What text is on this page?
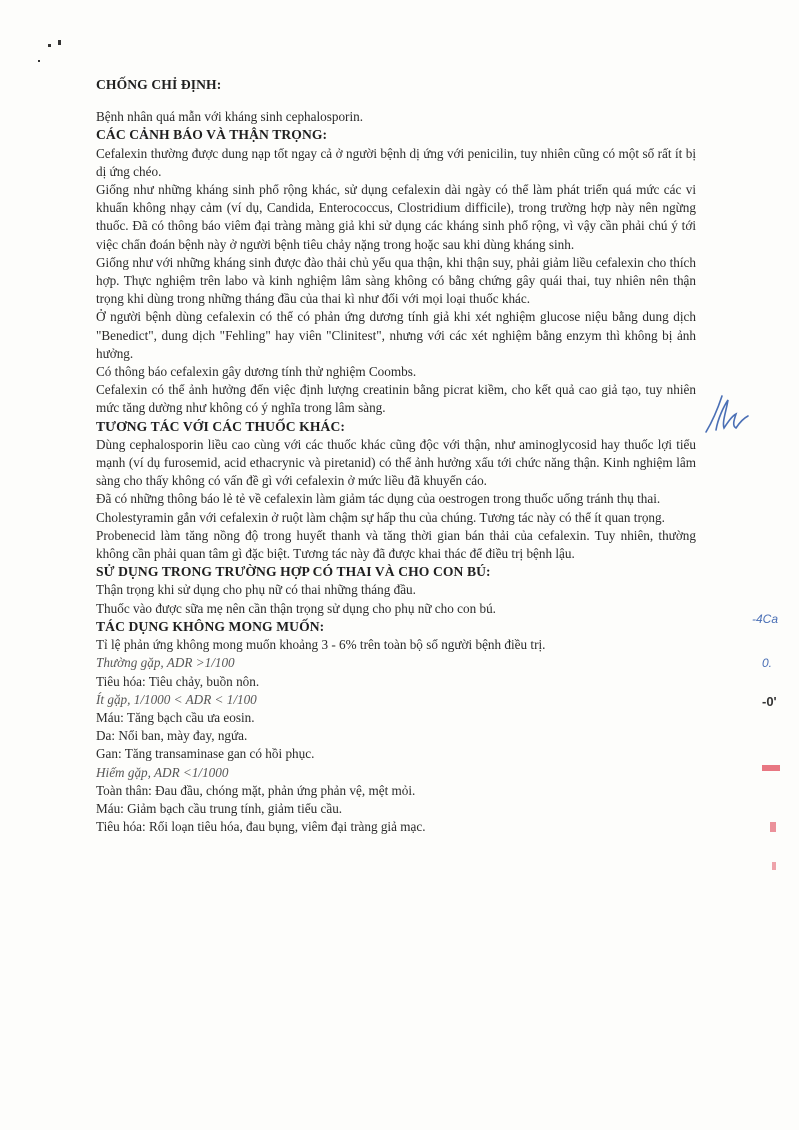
CHỐNG CHỈ ĐỊNH:

Bệnh nhân quá mẫn với kháng sinh cephalosporin.

CÁC CẢNH BÁO VÀ THẬN TRỌNG:

Cefalexin thường được dung nạp tốt ngay cả ở người bệnh dị ứng với penicilin, tuy nhiên cũng có một số rất ít bị dị ứng chéo.

Giống như những kháng sinh phổ rộng khác, sử dụng cefalexin dài ngày có thể làm phát triển quá mức các vi khuẩn không nhạy cảm (ví dụ, Candida, Enterococcus, Clostridium difficile), trong trường hợp này nên ngừng thuốc. Đã có thông báo viêm đại tràng màng giả khi sử dụng các kháng sinh phổ rộng, vì vậy cần phải chú ý tới việc chẩn đoán bệnh này ở người bệnh tiêu chảy nặng trong hoặc sau khi dùng kháng sinh.

Giống như với những kháng sinh được đào thải chủ yếu qua thận, khi thận suy, phải giảm liều cefalexin cho thích hợp. Thực nghiệm trên labo và kinh nghiệm lâm sàng không có bằng chứng gây quái thai, tuy nhiên nên thận trọng khi dùng trong những tháng đầu của thai kì như đối với mọi loại thuốc khác.

Ở người bệnh dùng cefalexin có thể có phản ứng dương tính giả khi xét nghiệm glucose niệu bằng dung dịch "Benedict", dung dịch "Fehling" hay viên "Clinitest", nhưng với các xét nghiệm bằng enzym thì không bị ảnh hưởng.

Có thông báo cefalexin gây dương tính thử nghiệm Coombs.

Cefalexin có thể ảnh hưởng đến việc định lượng creatinin bằng picrat kiềm, cho kết quả cao giả tạo, tuy nhiên mức tăng dường như không có ý nghĩa trong lâm sàng.

TƯƠNG TÁC VỚI CÁC THUỐC KHÁC:

Dùng cephalosporin liều cao cùng với các thuốc khác cũng độc với thận, như aminoglycosid hay thuốc lợi tiểu mạnh (ví dụ furosemid, acid ethacrynic và piretanid) có thể ảnh hưởng xấu tới chức năng thận. Kinh nghiệm lâm sàng cho thấy không có vấn đề gì với cefalexin ở mức liều đã khuyến cáo.

Đã có những thông báo lẻ tẻ về cefalexin làm giảm tác dụng của oestrogen trong thuốc uống tránh thụ thai.

Cholestyramin gắn với cefalexin ở ruột làm chậm sự hấp thu của chúng. Tương tác này có thể ít quan trọng.

Probenecid làm tăng nồng độ trong huyết thanh và tăng thời gian bán thải của cefalexin. Tuy nhiên, thường không cần phải quan tâm gì đặc biệt. Tương tác này đã được khai thác để điều trị bệnh lậu.

SỬ DỤNG TRONG TRƯỜNG HỢP CÓ THAI VÀ CHO CON BÚ:

Thận trọng khi sử dụng cho phụ nữ có thai những tháng đầu.

Thuốc vào được sữa mẹ nên cần thận trọng sử dụng cho phụ nữ cho con bú.

TÁC DỤNG KHÔNG MONG MUỐN:

Tỉ lệ phản ứng không mong muốn khoảng 3 - 6% trên toàn bộ số người bệnh điều trị.

Thường gặp, ADR >1/100

Tiêu hóa: Tiêu chảy, buồn nôn.

Ít gặp, 1/1000 < ADR < 1/100

Máu: Tăng bạch cầu ưa eosin.

Da: Nổi ban, mày đay, ngứa.

Gan: Tăng transaminase gan có hồi phục.

Hiếm gặp, ADR <1/1000

Toàn thân: Đau đầu, chóng mặt, phản ứng phản vệ, mệt mỏi.

Máu: Giảm bạch cầu trung tính, giảm tiểu cầu.

Tiêu hóa: Rối loạn tiêu hóa, đau bụng, viêm đại tràng giả mạc.

-4Ca
0.
-0'
